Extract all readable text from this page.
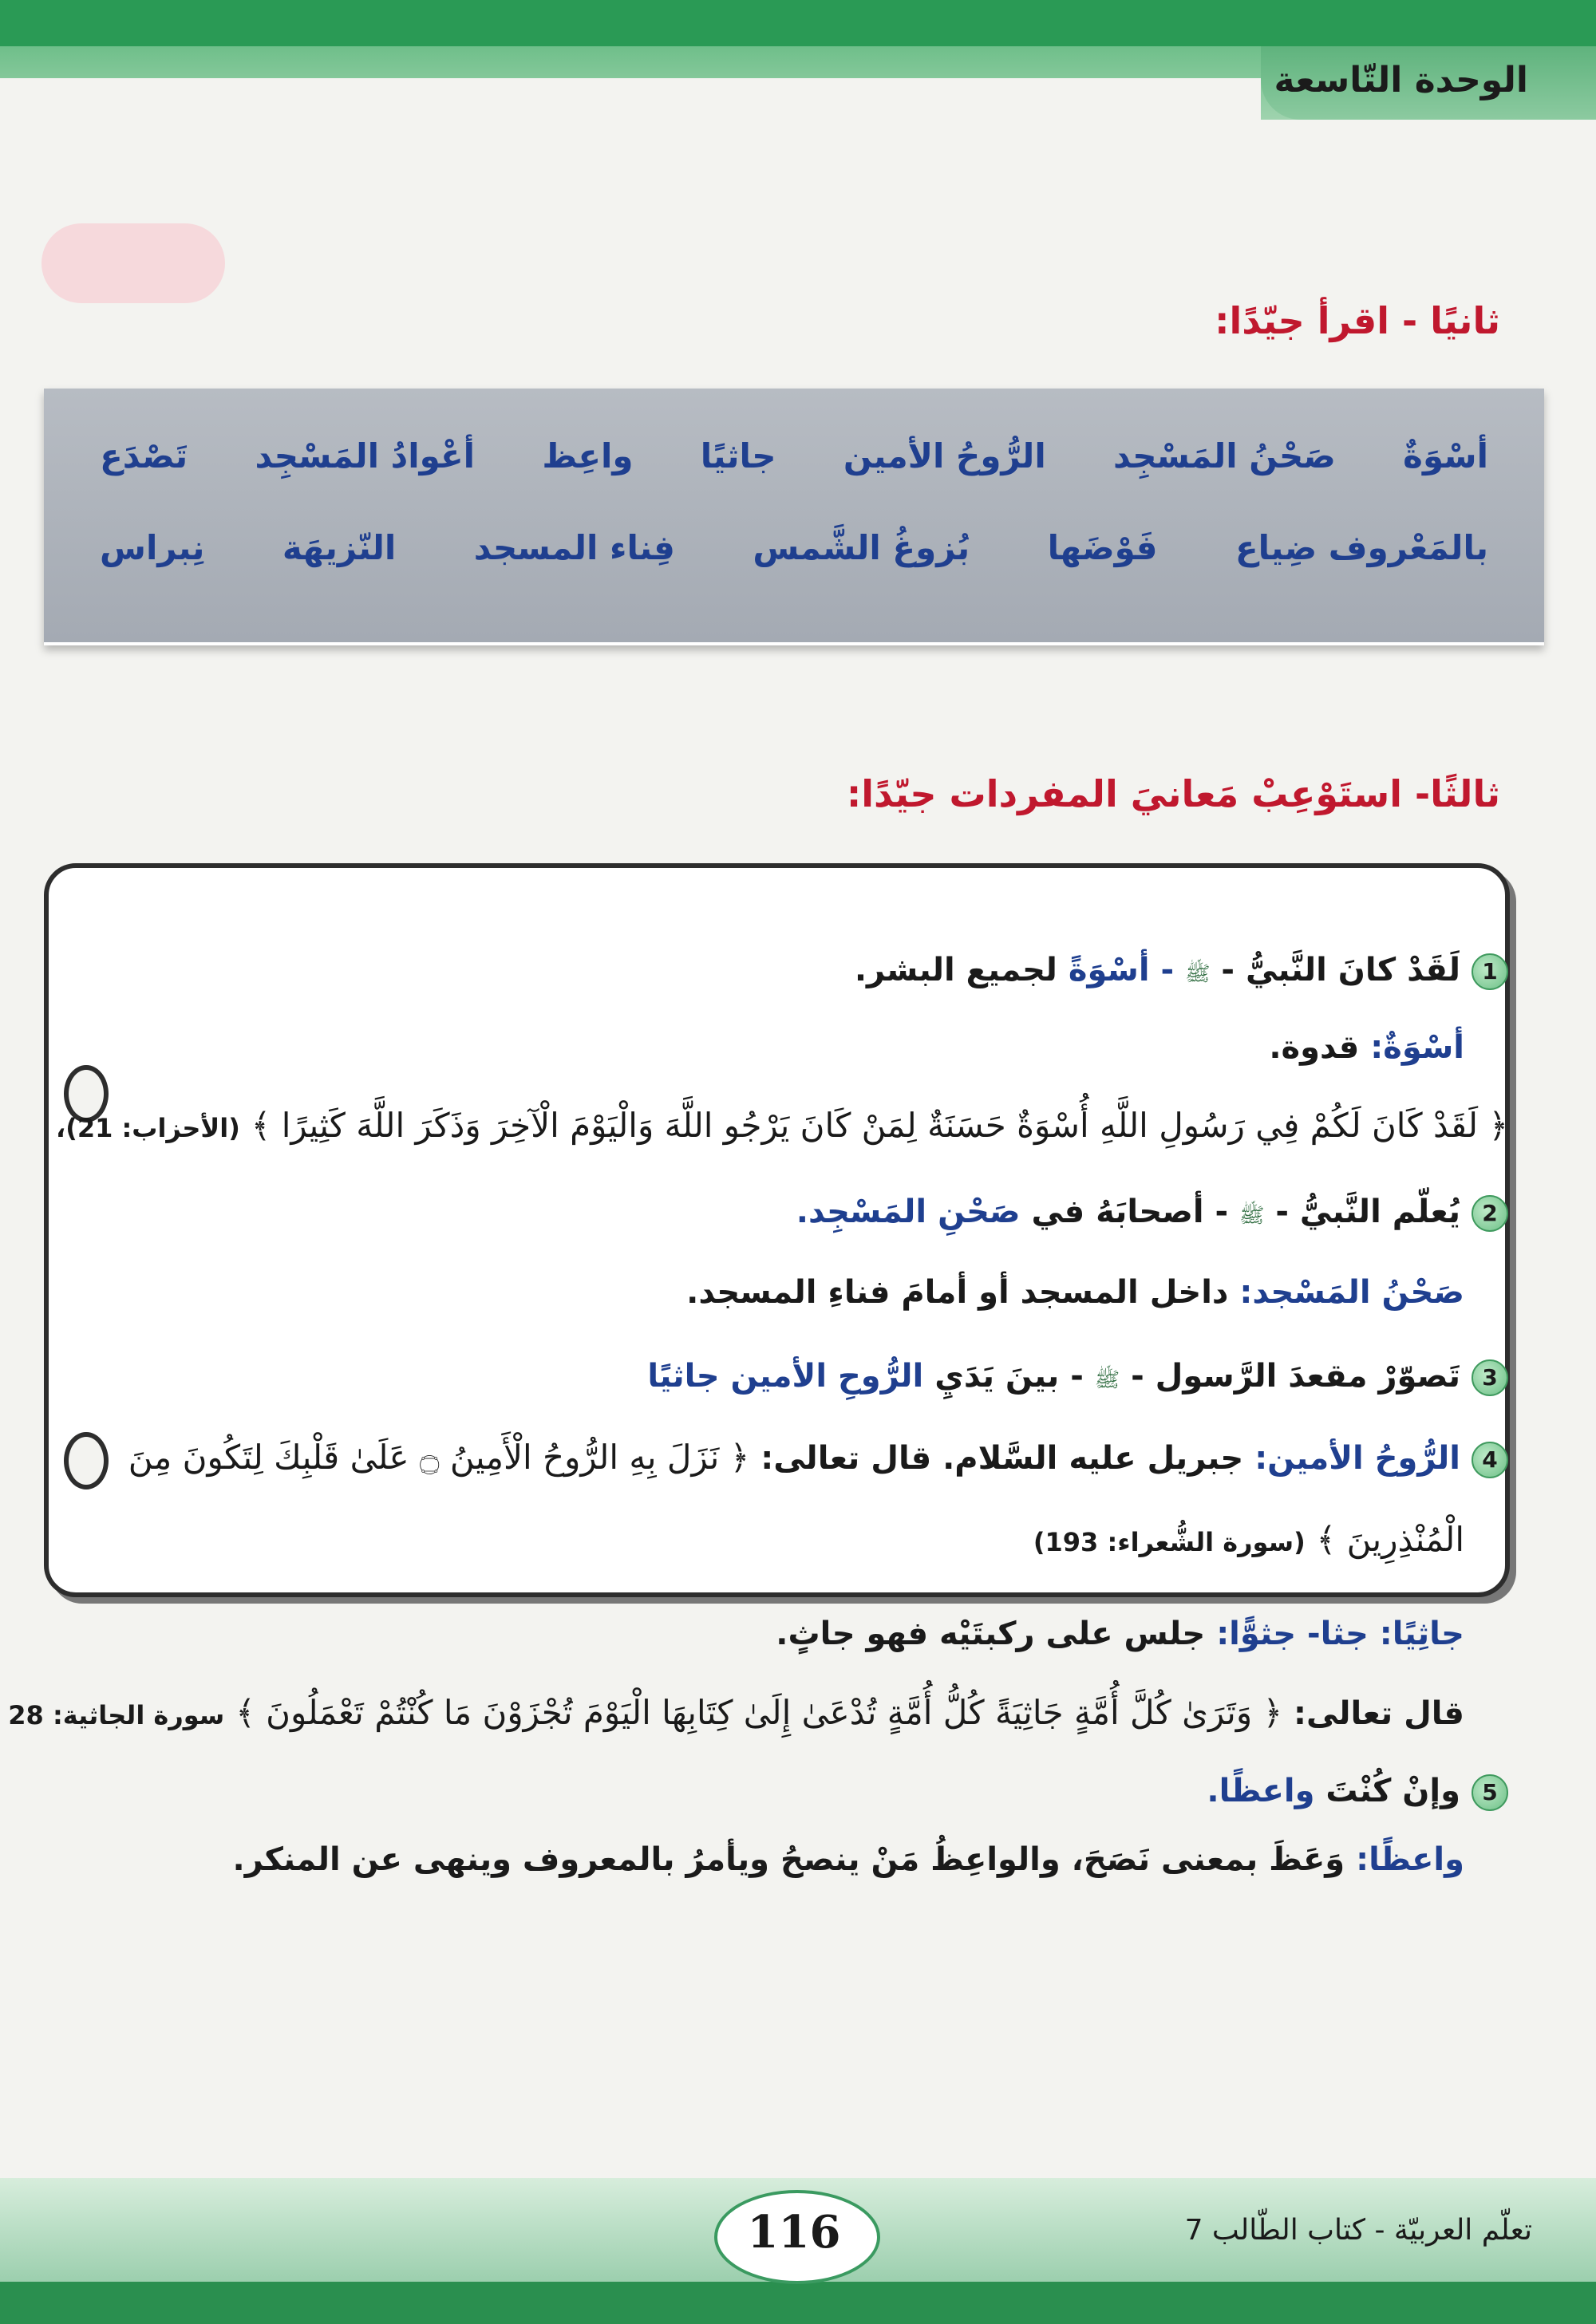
الوحدة التّاسعة
ثانيًا - اقرأ جيّدًا:
أسْوَةٌ
صَحْنُ المَسْجِد
الرُّوحُ الأمين
جاثيًا
واعِظ
أعْوادُ المَسْجِد
تَصْدَع
بالمَعْروف ضِياع
فَوْضَها
بُزوغُ الشَّمس
فِناء المسجد
النّزيهَة
نِبراس
ثالثًا- استَوْعِبْ مَعانيَ المفردات جيّدًا:
1لَقَدْ كانَ النَّبيُّ - ﷺ - أسْوَةً لجميع البشر.
أسْوَةٌ: قدوة.
﴿ لَقَدْ كَانَ لَكُمْ فِي رَسُولِ اللَّهِ أُسْوَةٌ حَسَنَةٌ لِمَنْ كَانَ يَرْجُو اللَّهَ وَالْيَوْمَ الْآخِرَ وَذَكَرَ اللَّهَ كَثِيرًا ﴾ (الأحزاب: 21)،
2يُعلّم النَّبيُّ - ﷺ - أصحابَهُ في صَحْنِ المَسْجِد.
صَحْنُ المَسْجد: داخل المسجد أو أمامَ فناءِ المسجد.
3تَصوّرْ مقعدَ الرَّسول - ﷺ - بينَ يَدَيِ الرُّوحِ الأمين جاثيًا
4الرُّوحُ الأمين: جبريل عليه السَّلام. قال تعالى: ﴿ نَزَلَ بِهِ الرُّوحُ الْأَمِينُ ۝ عَلَىٰ قَلْبِكَ لِتَكُونَ مِنَ
الْمُنْذِرِينَ ﴾ (سورة الشُّعراء: 193)
جاثِيًا: جثا- جثوًّا: جلس على ركبتَيْه فهو جاثٍ.
قال تعالى: ﴿ وَتَرَىٰ كُلَّ أُمَّةٍ جَاثِيَةً كُلُّ أُمَّةٍ تُدْعَىٰ إِلَىٰ كِتَابِهَا الْيَوْمَ تُجْزَوْنَ مَا كُنْتُمْ تَعْمَلُونَ ﴾ سورة الجاثية: 28
5وإنْ كُنْتَ واعظًا.
واعظًا: وَعَظَ بمعنى نَصَحَ، والواعِظُ مَنْ ينصحُ ويأمرُ بالمعروف وينهى عن المنكر.
116	تعلّم العربيّة - كتاب الطّالب 7
